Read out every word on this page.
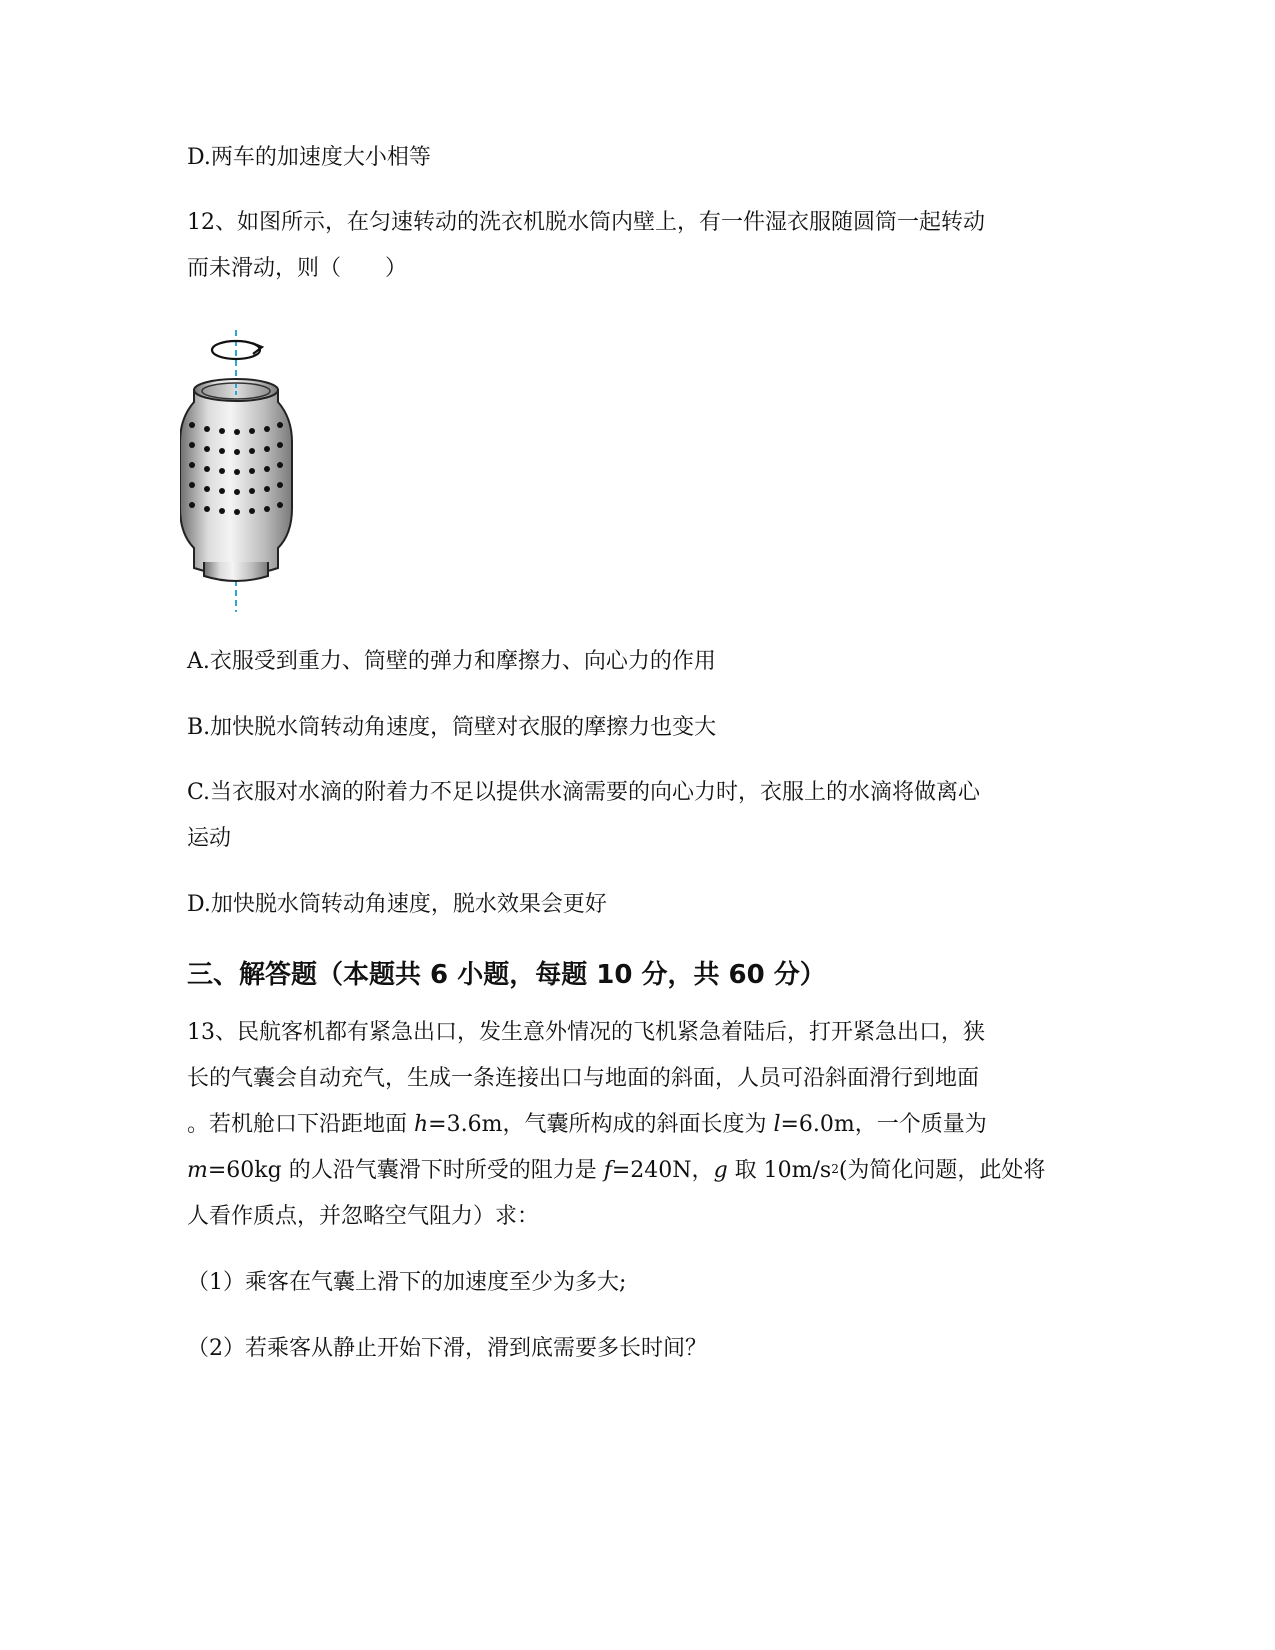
D.两车的加速度大小相等
12、如图所示，在匀速转动的洗衣机脱水筒内壁上，有一件湿衣服随圆筒一起转动
而未滑动，则（　　）
A.衣服受到重力、筒壁的弹力和摩擦力、向心力的作用
B.加快脱水筒转动角速度，筒壁对衣服的摩擦力也变大
C.当衣服对水滴的附着力不足以提供水滴需要的向心力时，衣服上的水滴将做离心
运动
D.加快脱水筒转动角速度，脱水效果会更好
三、解答题（本题共 6 小题，每题 10 分，共 60 分）
13、民航客机都有紧急出口，发生意外情况的飞机紧急着陆后，打开紧急出口，狭
长的气囊会自动充气，生成一条连接出口与地面的斜面，人员可沿斜面滑行到地面
。若机舱口下沿距地面 h=3.6m，气囊所构成的斜面长度为 l=6.0m，一个质量为
m=60kg 的人沿气囊滑下时所受的阻力是 f=240N，g 取 $10m/s^2$(为简化问题，此处将
人看作质点，并忽略空气阻力）求：
（1）乘客在气囊上滑下的加速度至少为多大;
（2）若乘客从静止开始下滑，滑到底需要多长时间？
